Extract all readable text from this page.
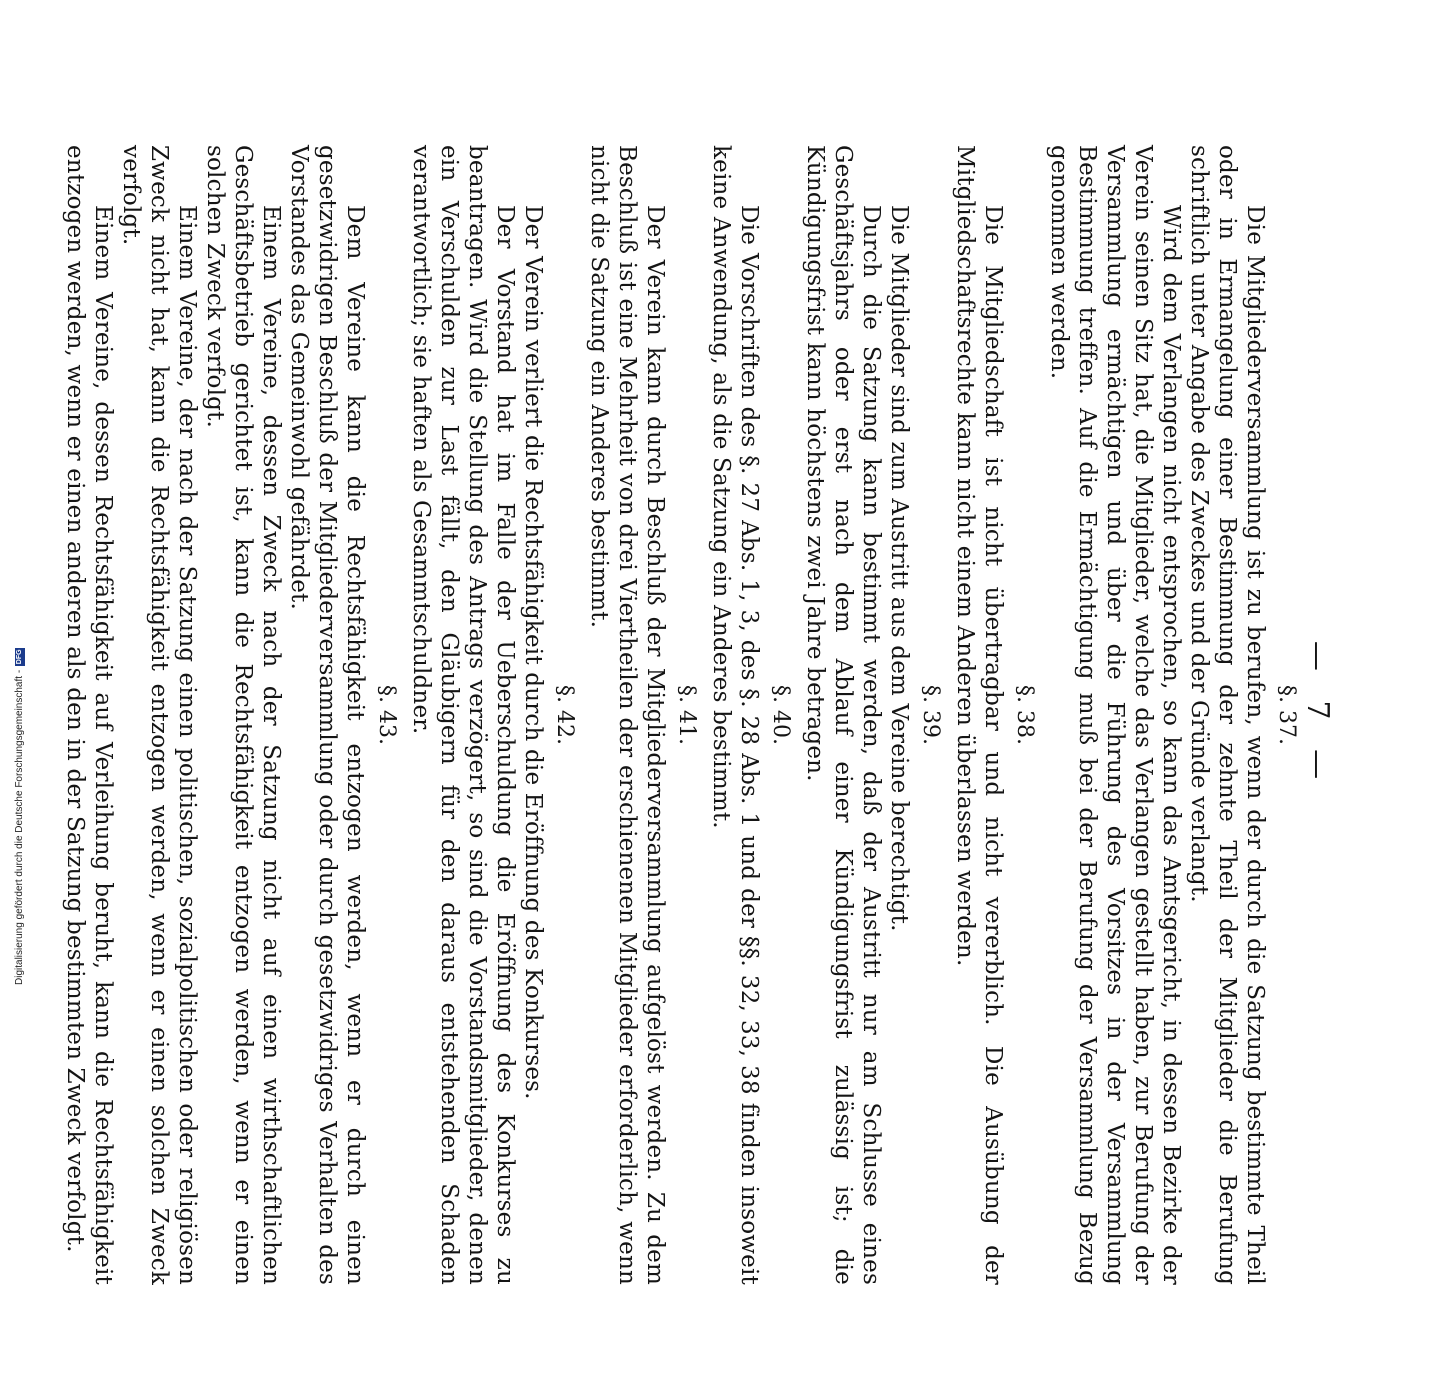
— 7 —
§. 37.

Die Mitgliederversammlung ist zu berufen, wenn der durch die Satzung bestimmte Theil oder in Ermangelung einer Bestimmung der zehnte Theil der Mitglieder die Berufung schriftlich unter Angabe des Zweckes und der Gründe verlangt.

Wird dem Verlangen nicht entsprochen, so kann das Amtsgericht, in dessen Bezirke der Verein seinen Sitz hat, die Mitglieder, welche das Verlangen gestellt haben, zur Berufung der Versammlung ermächtigen und über die Führung des Vorsitzes in der Versammlung Bestimmung treffen. Auf die Ermächtigung muß bei der Berufung der Versammlung Bezug genommen werden.

§. 38.

Die Mitgliedschaft ist nicht übertragbar und nicht vererblich. Die Ausübung der Mitgliedschaftsrechte kann nicht einem Anderen überlassen werden.

§. 39.

Die Mitglieder sind zum Austritt aus dem Vereine berechtigt.

Durch die Satzung kann bestimmt werden, daß der Austritt nur am Schlusse eines Geschäftsjahrs oder erst nach dem Ablauf einer Kündigungsfrist zulässig ist; die Kündigungsfrist kann höchstens zwei Jahre betragen.

§. 40.

Die Vorschriften des §. 27 Abs. 1, 3, des §. 28 Abs. 1 und der §§. 32, 33, 38 finden insoweit keine Anwendung, als die Satzung ein Anderes bestimmt.

§. 41.

Der Verein kann durch Beschluß der Mitgliederversammlung aufgelöst werden. Zu dem Beschluß ist eine Mehrheit von drei Viertheilen der erschienenen Mitglieder erforderlich, wenn nicht die Satzung ein Anderes bestimmt.

§. 42.

Der Verein verliert die Rechtsfähigkeit durch die Eröffnung des Konkurses.

Der Vorstand hat im Falle der Ueberschuldung die Eröffnung des Konkurses zu beantragen. Wird die Stellung des Antrags verzögert, so sind die Vorstandsmitglieder, denen ein Verschulden zur Last fällt, den Gläubigern für den daraus entstehenden Schaden verantwortlich; sie haften als Gesammtschuldner.

§. 43.

Dem Vereine kann die Rechtsfähigkeit entzogen werden, wenn er durch einen gesetzwidrigen Beschluß der Mitgliederversammlung oder durch gesetzwidriges Verhalten des Vorstandes das Gemeinwohl gefährdet.

Einem Vereine, dessen Zweck nach der Satzung nicht auf einen wirthschaftlichen Geschäftsbetrieb gerichtet ist, kann die Rechtsfähigkeit entzogen werden, wenn er einen solchen Zweck verfolgt.

Einem Vereine, der nach der Satzung einen politischen, sozialpolitischen oder religiösen Zweck nicht hat, kann die Rechtsfähigkeit entzogen werden, wenn er einen solchen Zweck verfolgt.

Einem Vereine, dessen Rechtsfähigkeit auf Verleihung beruht, kann die Rechtsfähigkeit entzogen werden, wenn er einen anderen als den in der Satzung bestimmten Zweck verfolgt.

Digitalisierung gefördert durch die Deutsche Forschungsgemeinschaft -
DFG
